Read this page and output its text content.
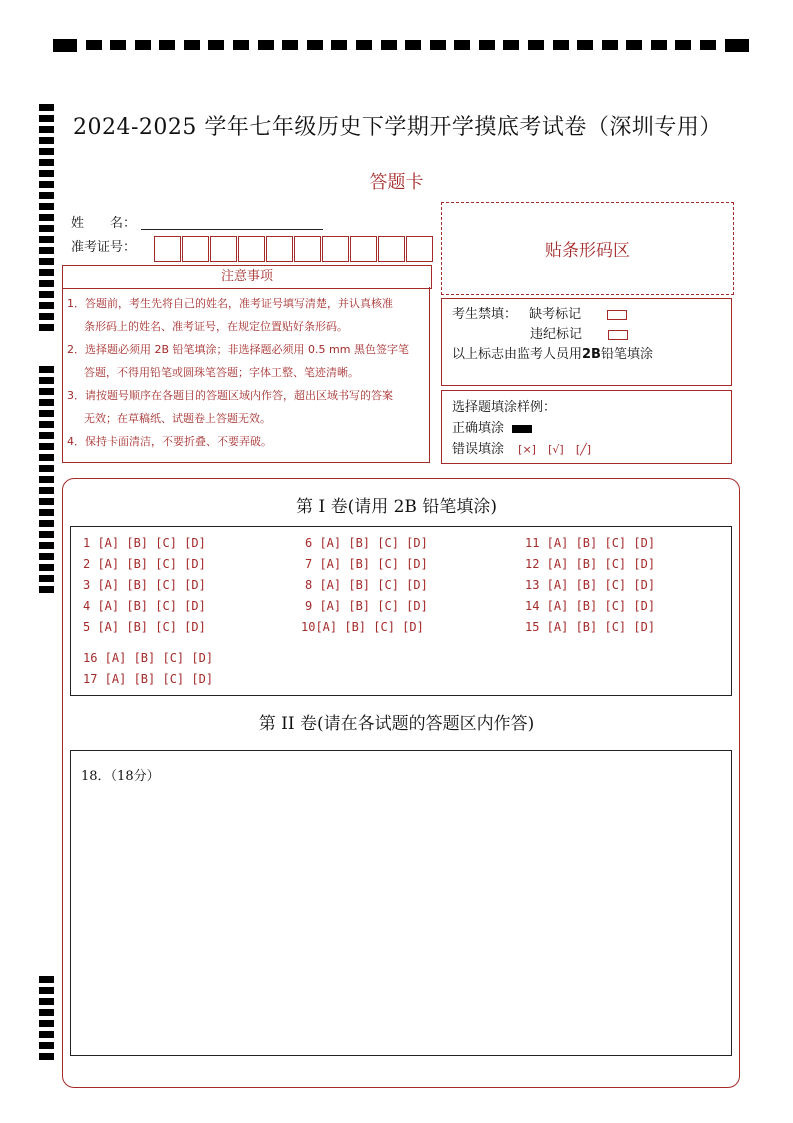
2024-2025 学年七年级历史下学期开学摸底考试卷（深圳专用）
答题卡
姓　　名：
准考证号：	贴条形码区
注意事项
1．答题前，考生先将自己的姓名，准考证号填写清楚，并认真核准
条形码上的姓名、准考证号，在规定位置贴好条形码。
2．选择题必须用 2B 铅笔填涂；非选择题必须用 0.5 mm 黑色签字笔
答题，不得用铅笔或圆珠笔答题；字体工整、笔迹清晰。
3．请按题号顺序在各题目的答题区域内作答，超出区域书写的答案
无效；在草稿纸、试题卷上答题无效。
4．保持卡面清洁，不要折叠、不要弄破。
考生禁填： 缺考标记
违纪标记
以上标志由监考人员用2B铅笔填涂
选择题填涂样例：
正确填涂
错误填涂 [×] [√] [╱]
第 I 卷(请用 2B 铅笔填涂)
1 [A] [B] [C] [D]
2 [A] [B] [C] [D]
3 [A] [B] [C] [D]
4 [A] [B] [C] [D]
5 [A] [B] [C] [D]
6 [A] [B] [C] [D]
7 [A] [B] [C] [D]
8 [A] [B] [C] [D]
9 [A] [B] [C] [D]
10[A] [B] [C] [D]
11 [A] [B] [C] [D]
12 [A] [B] [C] [D]
13 [A] [B] [C] [D]
14 [A] [B] [C] [D]
15 [A] [B] [C] [D]
16 [A] [B] [C] [D]
17 [A] [B] [C] [D]
第 II 卷(请在各试题的答题区内作答)
18．（18分）
